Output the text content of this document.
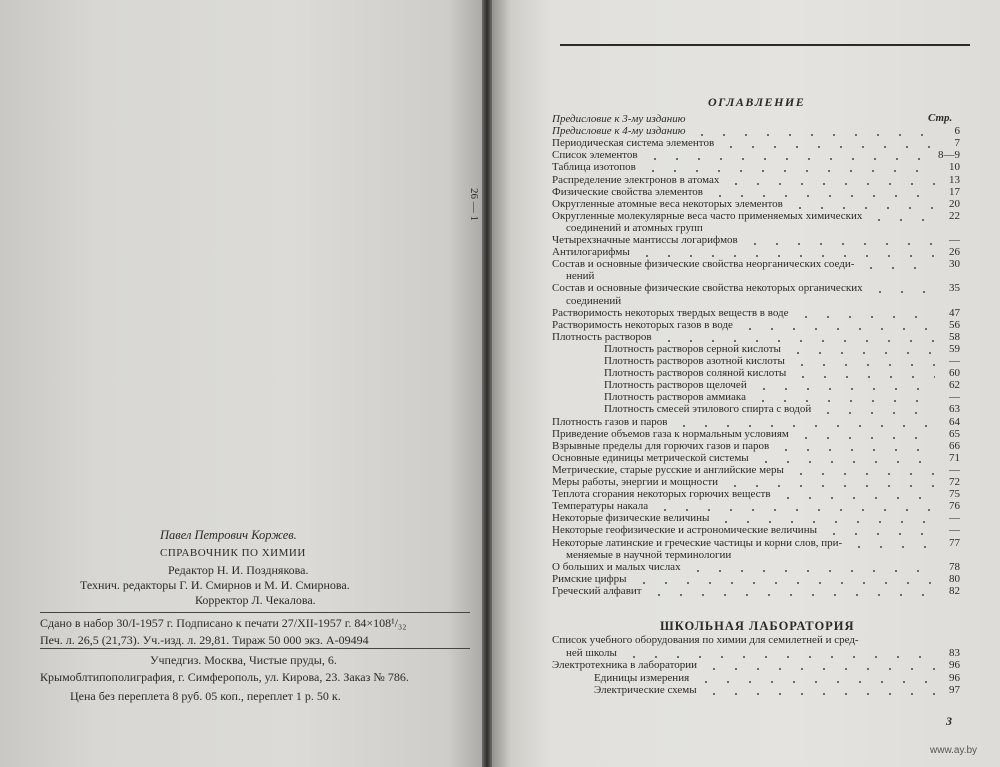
Павел Петрович Коржев.
СПРАВОЧНИК ПО ХИМИИ
Редактор Н. И. Позднякова.
Технич. редакторы Г. И. Смирнов и М. И. Смирнова.
Корректор Л. Чекалова.
Сдано в набор 30/I-1957 г. Подписано к печати 27/XII-1957 г. 84×108¹/₃₂
Печ. л. 26,5 (21,73). Уч.-изд. л. 29,81. Тираж 50 000 экз. А-09494
Учпедгиз. Москва, Чистые пруды, 6.
Крымоблтипополиграфия, г. Симферополь, ул. Кирова, 23. Заказ № 786.
Цена без переплета 8 руб. 05 коп., переплет 1 р. 50 к.
26 — 1
ОГЛАВЛЕНИЕ
Стр.
Предисловие к 3-му изданию
Предисловие к 4-му изданию	6
Периодическая система элементов	7
Список элементов	8—9
Таблица изотопов	10
Распределение электронов в атомах	13
Физические свойства элементов	17
Округленные атомные веса некоторых элементов	20
Округленные молекулярные веса часто применяемых химических	22
соединений и атомных групп
Четырехзначные мантиссы логарифмов	—
Антилогарифмы	26
Состав и основные физические свойства неорганических соеди-	30
нений
Состав и основные физические свойства некоторых органических	35
соединений
Растворимость некоторых твердых веществ в воде	47
Растворимость некоторых газов в воде	56
Плотность растворов	58
Плотность растворов серной кислоты	59
Плотность растворов азотной кислоты	—
Плотность растворов соляной кислоты	60
Плотность растворов щелочей	62
Плотность растворов аммиака	—
Плотность смесей этилового спирта с водой	63
Плотность газов и паров	64
Приведение объемов газа к нормальным условиям	65
Взрывные пределы для горючих газов и паров	66
Основные единицы метрической системы	71
Метрические, старые русские и английские меры	—
Меры работы, энергии и мощности	72
Теплота сгорания некоторых горючих веществ	75
Температуры накала	76
Некоторые физические величины	—
Некоторые геофизические и астрономические величины	—
Некоторые латинские и греческие частицы и корни слов, при-	77
меняемые в научной терминологии
О больших и малых числах	78
Римские цифры	80
Греческий алфавит	82
ШКОЛЬНАЯ ЛАБОРАТОРИЯ
Список учебного оборудования по химии для семилетней и сред-
ней школы	83
Электротехника в лаборатории	96
Единицы измерения	96
Электрические схемы	97
3
www.ay.by
